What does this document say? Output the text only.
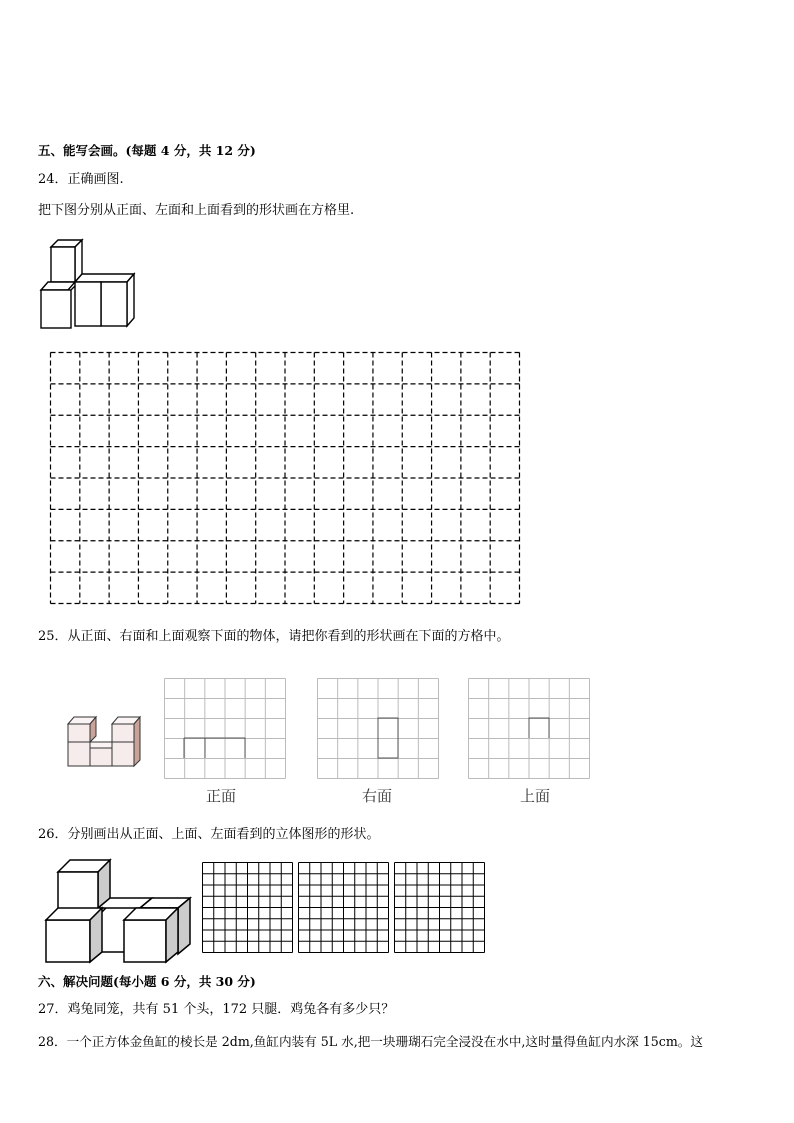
五、能写会画。(每题 4 分，共 12 分)
24．正确画图.
把下图分别从正面、左面和上面看到的形状画在方格里.
25．从正面、右面和上面观察下面的物体，请把你看到的形状画在下面的方格中。
正面	右面	上面
26．分别画出从正面、上面、左面看到的立体图形的形状。
六、解决问题(每小题 6 分，共 30 分)
27．鸡兔同笼，共有 51 个头，172 只腿．鸡兔各有多少只？
28．一个正方体金鱼缸的棱长是 2dm,鱼缸内装有 5L 水,把一块珊瑚石完全浸没在水中,这时量得鱼缸内水深 15cm。这
